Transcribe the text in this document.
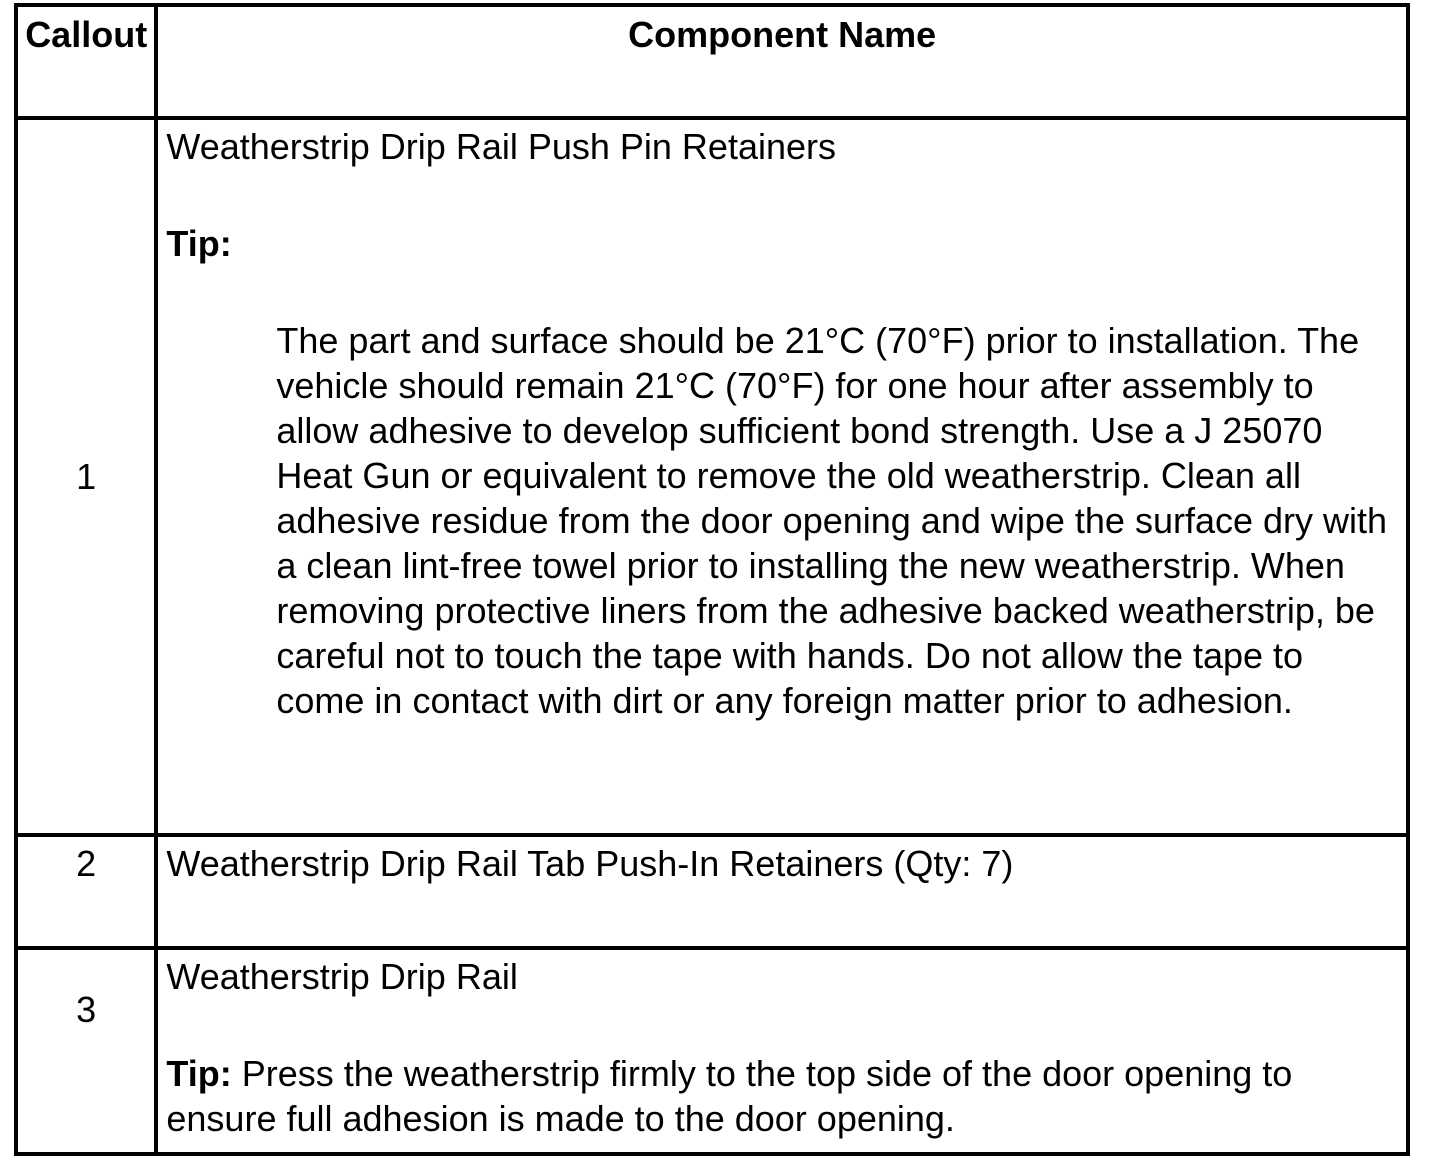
Callout	Component Name

1	Weatherstrip Drip Rail Push Pin Retainers
Tip:
The part and surface should be 21°C (70°F) prior to installation. The vehicle should remain 21°C (70°F) for one hour after assembly to allow adhesive to develop sufficient bond strength. Use a J 25070 Heat Gun or equivalent to remove the old weatherstrip. Clean all adhesive residue from the door opening and wipe the surface dry with a clean lint-free towel prior to installing the new weatherstrip. When removing protective liners from the adhesive backed weatherstrip, be careful not to touch the tape with hands. Do not allow the tape to come in contact with dirt or any foreign matter prior to adhesion.

2	Weatherstrip Drip Rail Tab Push-In Retainers (Qty: 7)

3	Weatherstrip Drip Rail
Tip: Press the weatherstrip firmly to the top side of the door opening to ensure full adhesion is made to the door opening.
